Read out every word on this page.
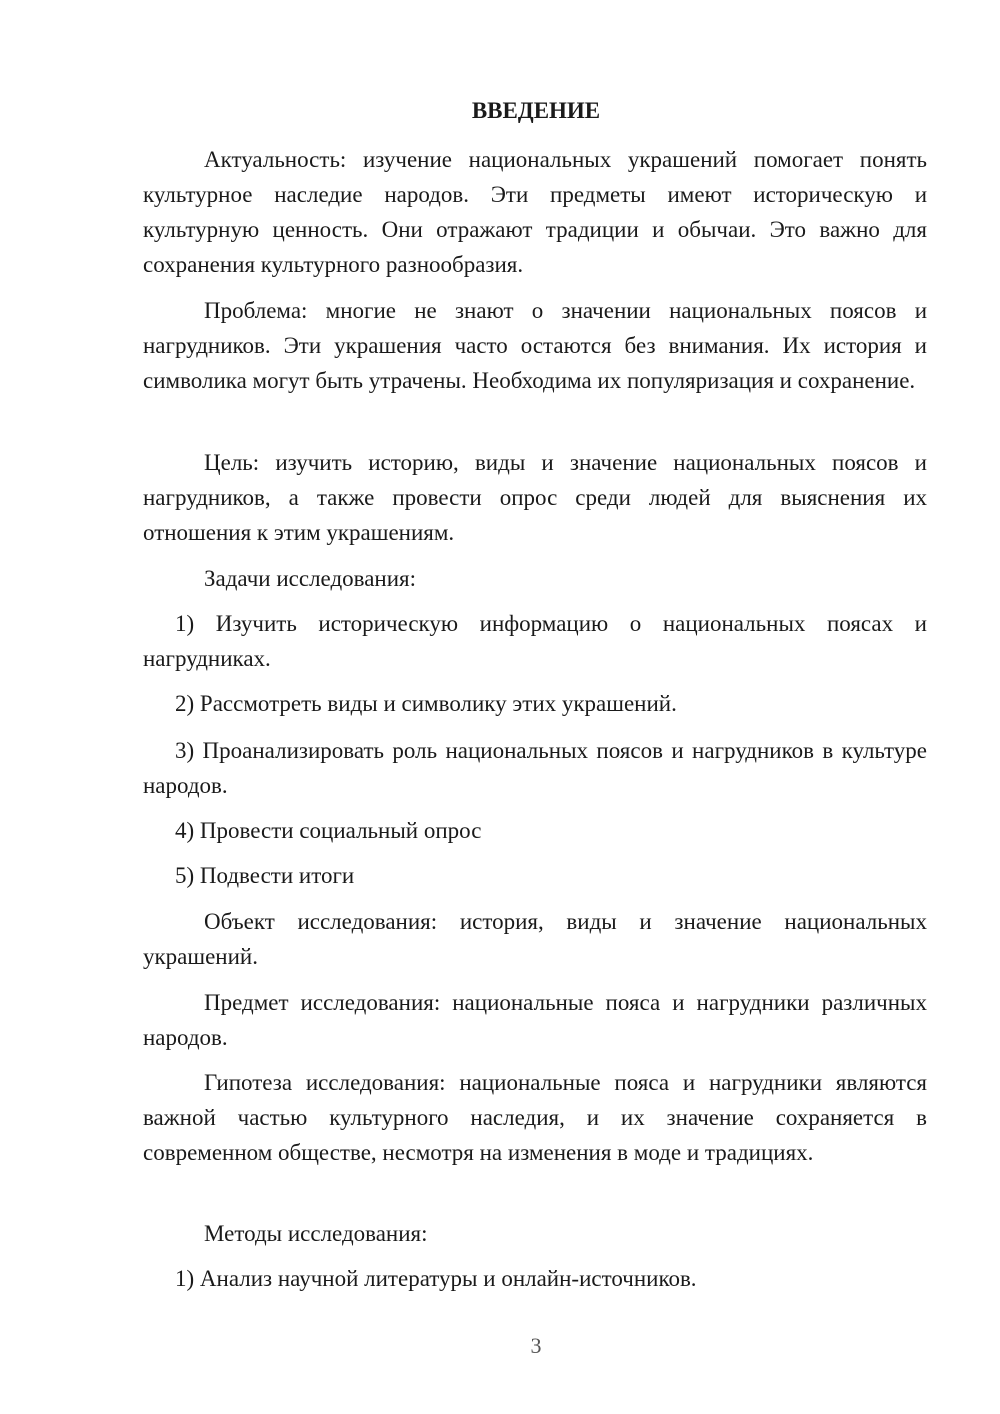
ВВЕДЕНИЕ

Актуальность: изучение национальных украшений помогает понять культурное наследие народов. Эти предметы имеют историческую и культурную ценность. Они отражают традиции и обычаи. Это важно для сохранения культурного разнообразия.

Проблема: многие не знают о значении национальных поясов и нагрудников. Эти украшения часто остаются без внимания. Их история и символика могут быть утрачены. Необходима их популяризация и сохранение.

Цель: изучить историю, виды и значение национальных поясов и нагрудников, а также провести опрос среди людей для выяснения их отношения к этим украшениям.

Задачи исследования:

1) Изучить историческую информацию о национальных поясах и нагрудниках.

2) Рассмотреть виды и символику этих украшений.

3) Проанализировать роль национальных поясов и нагрудников в культуре народов.

4) Провести социальный опрос

5) Подвести итоги

Объект исследования: история, виды и значение национальных украшений.

Предмет исследования: национальные пояса и нагрудники различных народов.

Гипотеза исследования: национальные пояса и нагрудники являются важной частью культурного наследия, и их значение сохраняется в современном обществе, несмотря на изменения в моде и традициях.

Методы исследования:

1) Анализ научной литературы и онлайн-источников.

3
